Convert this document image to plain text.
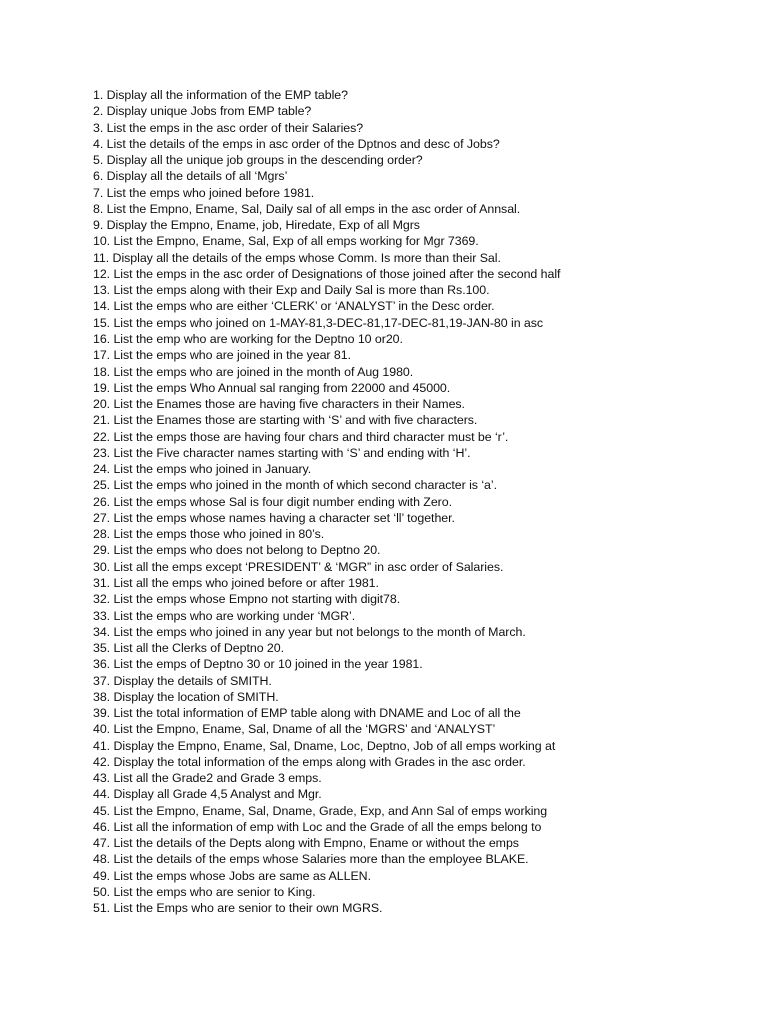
1. Display all the information of the EMP table?
2. Display unique Jobs from EMP table?
3. List the emps in the asc order of their Salaries?
4. List the details of the emps in asc order of the Dptnos and desc of Jobs?
5. Display all the unique job groups in the descending order?
6. Display all the details of all ‘Mgrs’
7. List the emps who joined before 1981.
8. List the Empno, Ename, Sal, Daily sal of all emps in the asc order of Annsal.
9. Display the Empno, Ename, job, Hiredate, Exp of all Mgrs
10. List the Empno, Ename, Sal, Exp of all emps working for Mgr 7369.
11. Display all the details of the emps whose Comm. Is more than their Sal.
12. List the emps in the asc order of Designations of those joined after the second half
13. List the emps along with their Exp and Daily Sal is more than Rs.100.
14. List the emps who are either ‘CLERK’ or ‘ANALYST’ in the Desc order.
15. List the emps who joined on 1-MAY-81,3-DEC-81,17-DEC-81,19-JAN-80 in asc
16. List the emp who are working for the Deptno 10 or20.
17. List the emps who are joined in the year 81.
18. List the emps who are joined in the month of Aug 1980.
19. List the emps Who Annual sal ranging from 22000 and 45000.
20. List the Enames those are having five characters in their Names.
21. List the Enames those are starting with ‘S’ and with five characters.
22. List the emps those are having four chars and third character must be ‘r’.
23. List the Five character names starting with ‘S’ and ending with ‘H’.
24. List the emps who joined in January.
25. List the emps who joined in the month of which second character is ‘a’.
26. List the emps whose Sal is four digit number ending with Zero.
27. List the emps whose names having a character set ‘ll’ together.
28. List the emps those who joined in 80’s.
29. List the emps who does not belong to Deptno 20.
30. List all the emps except ‘PRESIDENT’ & ‘MGR” in asc order of Salaries.
31. List all the emps who joined before or after 1981.
32. List the emps whose Empno not starting with digit78.
33. List the emps who are working under ‘MGR’.
34. List the emps who joined in any year but not belongs to the month of March.
35. List all the Clerks of Deptno 20.
36. List the emps of Deptno 30 or 10 joined in the year 1981.
37. Display the details of SMITH.
38. Display the location of SMITH.
39. List the total information of EMP table along with DNAME and Loc of all the
40. List the Empno, Ename, Sal, Dname of all the ‘MGRS’ and ‘ANALYST’
41. Display the Empno, Ename, Sal, Dname, Loc, Deptno, Job of all emps working at
42. Display the total information of the emps along with Grades in the asc order.
43. List all the Grade2 and Grade 3 emps.
44. Display all Grade 4,5 Analyst and Mgr.
45. List the Empno, Ename, Sal, Dname, Grade, Exp, and Ann Sal of emps working
46. List all the information of emp with Loc and the Grade of all the emps belong to
47. List the details of the Depts along with Empno, Ename or without the emps
48. List the details of the emps whose Salaries more than the employee BLAKE.
49. List the emps whose Jobs are same as ALLEN.
50. List the emps who are senior to King.
51. List the Emps who are senior to their own MGRS.
